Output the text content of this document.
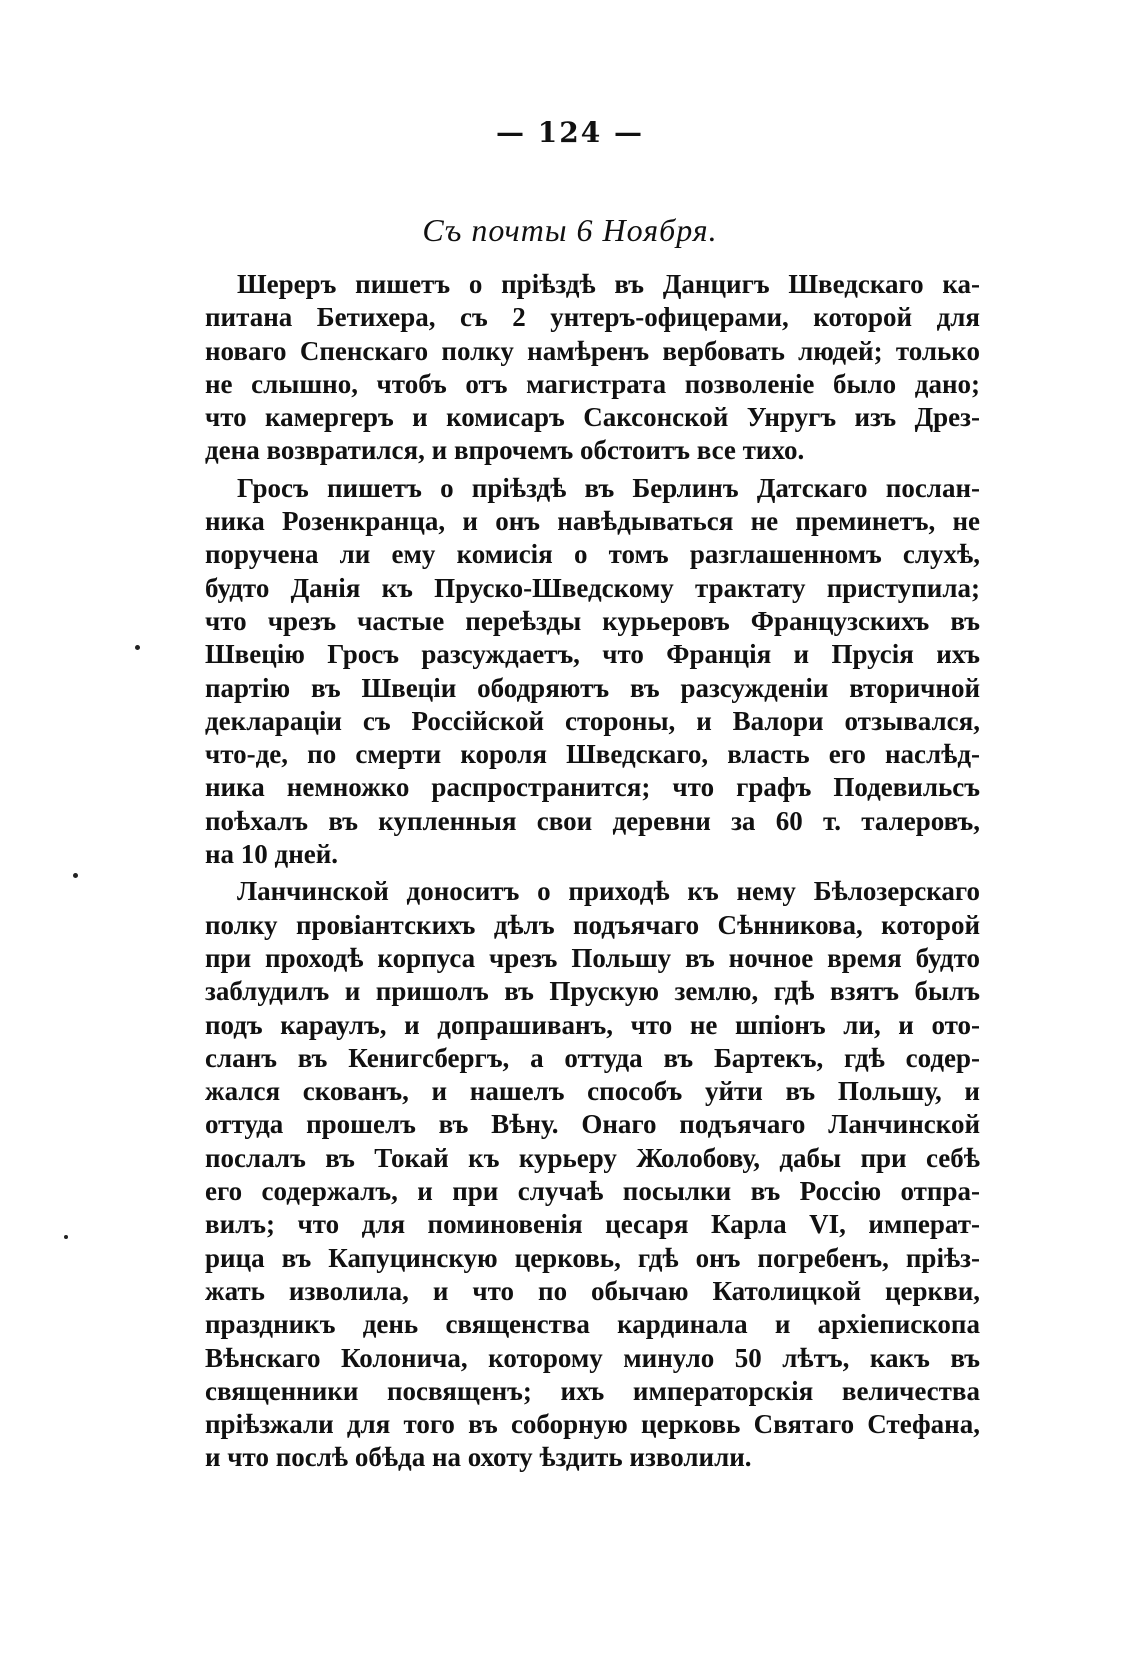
— 124 —
Съ почты 6 Ноября.
Шереръ пишетъ о пріѣздѣ въ Данцигъ Шведскаго ка-
питана Бетихера, съ 2 унтеръ-офицерами, которой для
новаго Спенскаго полку намѣренъ вербовать людей; только
не слышно, чтобъ отъ магистрата позволеніе было дано;
что камергеръ и комисаръ Саксонской Унругъ изъ Дрез-
дена возвратился, и впрочемъ обстоитъ все тихо.
Гросъ пишетъ о пріѣздѣ въ Берлинъ Датскаго послан-
ника Розенкранца, и онъ навѣдываться не преминетъ, не
поручена ли ему комисія о томъ разглашенномъ слухѣ,
будто Данія къ Пруско-Шведскому трактату приступила;
что чрезъ частые переѣзды курьеровъ Французскихъ въ
Швецію Гросъ разсуждаетъ, что Франція и Прусія ихъ
партію въ Швеціи ободряютъ въ разсужденіи вторичной
деклараціи съ Россійской стороны, и Валори отзывался,
что-де, по смерти короля Шведскаго, власть его наслѣд-
ника немножко распространится; что графъ Подевильсъ
поѣхалъ въ купленныя свои деревни за 60 т. талеровъ,
на 10 дней.
Ланчинской доноситъ о приходѣ къ нему Бѣлозерскаго
полку провіантскихъ дѣлъ подъячаго Сѣнникова, которой
при проходѣ корпуса чрезъ Польшу въ ночное время будто
заблудилъ и пришолъ въ Прускую землю, гдѣ взятъ былъ
подъ караулъ, и допрашиванъ, что не шпіонъ ли, и ото-
сланъ въ Кенигсбергъ, а оттуда въ Бартекъ, гдѣ содер-
жался скованъ, и нашелъ способъ уйти въ Польшу, и
оттуда прошелъ въ Вѣну. Онаго подъячаго Ланчинской
послалъ въ Токай къ курьеру Жолобову, дабы при себѣ
его содержалъ, и при случаѣ посылки въ Россію отпра-
вилъ; что для поминовенія цесаря Карла VI, императ-
рица въ Капуцинскую церковь, гдѣ онъ погребенъ, пріѣз-
жать изволила, и что по обычаю Католицкой церкви,
праздникъ день священства кардинала и архіепископа
Вѣнскаго Колонича, которому минуло 50 лѣтъ, какъ въ
священники посвященъ; ихъ императорскія величества
пріѣзжали для того въ соборную церковь Святаго Стефана,
и что послѣ обѣда на охоту ѣздить изволили.
